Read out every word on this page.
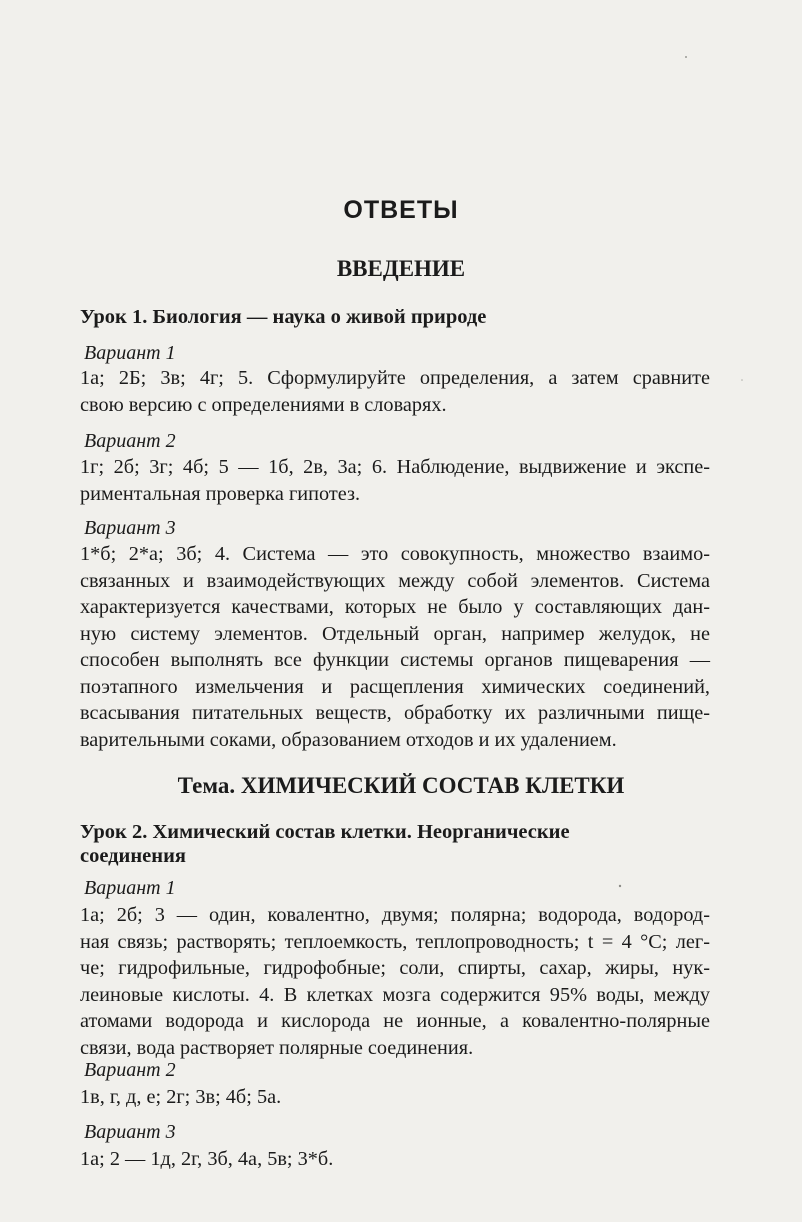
ОТВЕТЫ
ВВЕДЕНИЕ
Урок 1. Биология — наука о живой природе
Вариант 1
1а; 2Б; 3в; 4г; 5. Сформулируйте определения, а затем сравните
свою версию с определениями в словарях.
Вариант 2
1г; 2б; 3г; 4б; 5 — 1б, 2в, 3а; 6. Наблюдение, выдвижение и экспе-
риментальная проверка гипотез.
Вариант 3
1*б; 2*а; 3б; 4. Система — это совокупность, множество взаимо-
связанных и взаимодействующих между собой элементов. Система
характеризуется качествами, которых не было у составляющих дан-
ную систему элементов. Отдельный орган, например желудок, не
способен выполнять все функции системы органов пищеварения —
поэтапного измельчения и расщепления химических соединений,
всасывания питательных веществ, обработку их различными пище-
варительными соками, образованием отходов и их удалением.
Тема. ХИМИЧЕСКИЙ СОСТАВ КЛЕТКИ
Урок 2. Химический состав клетки. Неорганические
соединения
Вариант 1
1а; 2б; 3 — один, ковалентно, двумя; полярна; водорода, водород-
ная связь; растворять; теплоемкость, теплопроводность; t = 4 °С; лег-
че; гидрофильные, гидрофобные; соли, спирты, сахар, жиры, нук-
леиновые кислоты. 4. В клетках мозга содержится 95% воды, между
атомами водорода и кислорода не ионные, а ковалентно-полярные
связи, вода растворяет полярные соединения.
Вариант 2
1в, г, д, е; 2г; 3в; 4б; 5а.
Вариант 3
1а; 2 — 1д, 2г, 3б, 4а, 5в; 3*б.
